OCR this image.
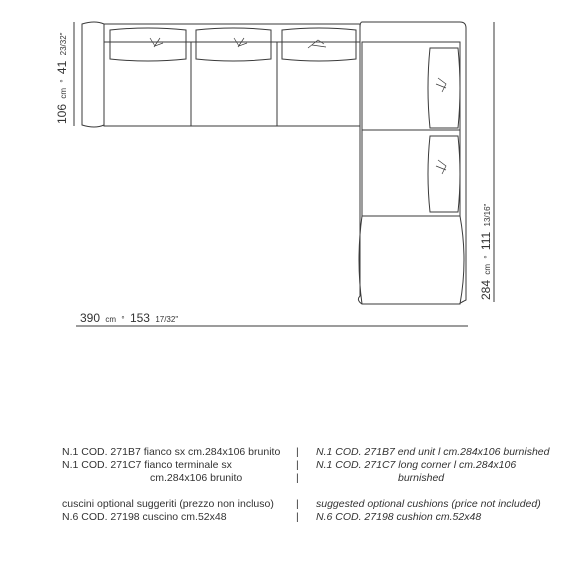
106 cm ° 41 23/32"
390 cm ° 153 17/32"
284 cm ° 111 13/16"
N.1 COD. 271B7 fianco sx cm.284x106 brunito
N.1 COD. 271C7 fianco terminale sx
cm.284x106 brunito
cuscini optional suggeriti (prezzo non incluso)
N.6 COD. 27198 cuscino cm.52x48
|
|
|
|
|
N.1 COD. 271B7 end unit l cm.284x106 burnished
N.1 COD. 271C7 long corner l cm.284x106
burnished
suggested optional cushions (price not included)
N.6 COD. 27198 cushion cm.52x48
